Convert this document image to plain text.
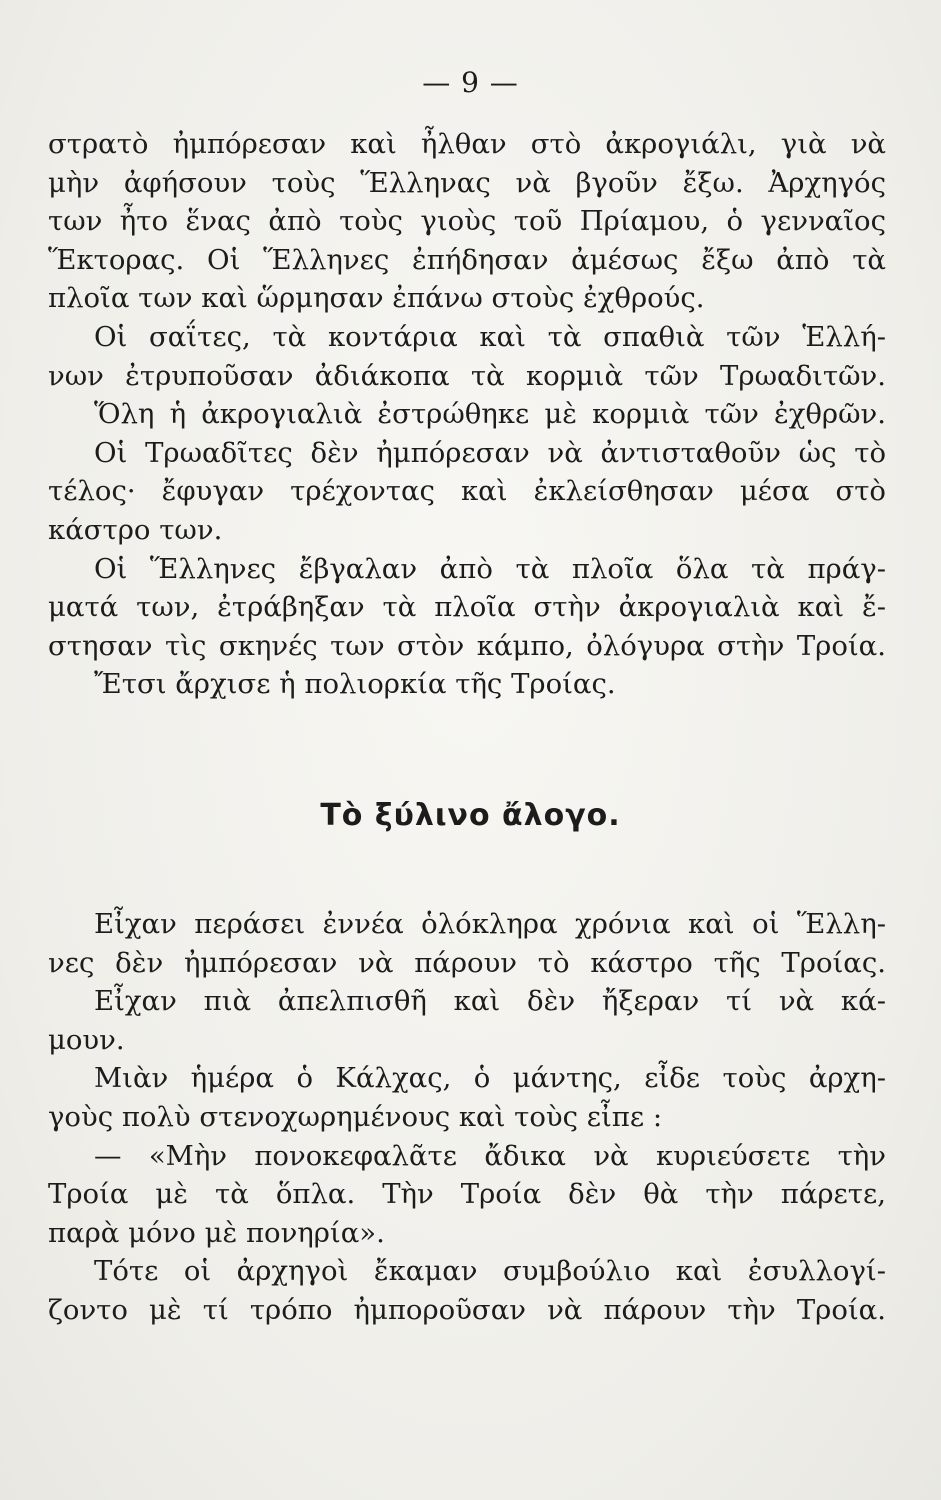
— 9 —
στρατὸ ἠμπόρεσαν καὶ ἦλθαν στὸ ἀκρογιάλι, γιὰ νὰ
μὴν ἀφήσουν τοὺς Ἕλληνας νὰ βγοῦν ἔξω. Ἀρχηγός
των ἦτο ἕνας ἀπὸ τοὺς γιοὺς τοῦ Πρίαμου, ὁ γενναῖος
Ἕκτορας. Οἱ Ἕλληνες ἐπήδησαν ἀμέσως ἔξω ἀπὸ τὰ
πλοῖα των καὶ ὥρμησαν ἐπάνω στοὺς ἐχθρούς.
Οἱ σαΐτες, τὰ κοντάρια καὶ τὰ σπαθιὰ τῶν Ἑλλή-
νων ἐτρυποῦσαν ἀδιάκοπα τὰ κορμιὰ τῶν Τρωαδιτῶν.
Ὅλη ἡ ἀκρογιαλιὰ ἐστρώθηκε μὲ κορμιὰ τῶν ἐχθρῶν.
Οἱ Τρωαδῖτες δὲν ἠμπόρεσαν νὰ ἀντισταθοῦν ὡς τὸ
τέλος· ἔφυγαν τρέχοντας καὶ ἐκλείσθησαν μέσα στὸ
κάστρο των.
Οἱ Ἕλληνες ἔβγαλαν ἀπὸ τὰ πλοῖα ὅλα τὰ πράγ-
ματά των, ἐτράβηξαν τὰ πλοῖα στὴν ἀκρογιαλιὰ καὶ ἔ-
στησαν τὶς σκηνές των στὸν κάμπο, ὀλόγυρα στὴν Τροία.
Ἔτσι ἄρχισε ἡ πολιορκία τῆς Τροίας.
Τὸ ξύλινο ἄλογο.
Εἶχαν περάσει ἐννέα ὁλόκληρα χρόνια καὶ οἱ Ἕλλη-
νες δὲν ἠμπόρεσαν νὰ πάρουν τὸ κάστρο τῆς Τροίας.
Εἶχαν πιὰ ἀπελπισθῆ καὶ δὲν ἤξεραν τί νὰ κά-
μουν.
Μιὰν ἡμέρα ὁ Κάλχας, ὁ μάντης, εἶδε τοὺς ἀρχη-
γοὺς πολὺ στενοχωρημένους καὶ τοὺς εἶπε :
— «Μὴν πονοκεφαλᾶτε ἄδικα νὰ κυριεύσετε τὴν
Τροία μὲ τὰ ὅπλα. Τὴν Τροία δὲν θὰ τὴν πάρετε,
παρὰ μόνο μὲ πονηρία».
Τότε οἱ ἀρχηγοὶ ἔκαμαν συμβούλιο καὶ ἐσυλλογί-
ζοντο μὲ τί τρόπο ἠμποροῦσαν νὰ πάρουν τὴν Τροία.
